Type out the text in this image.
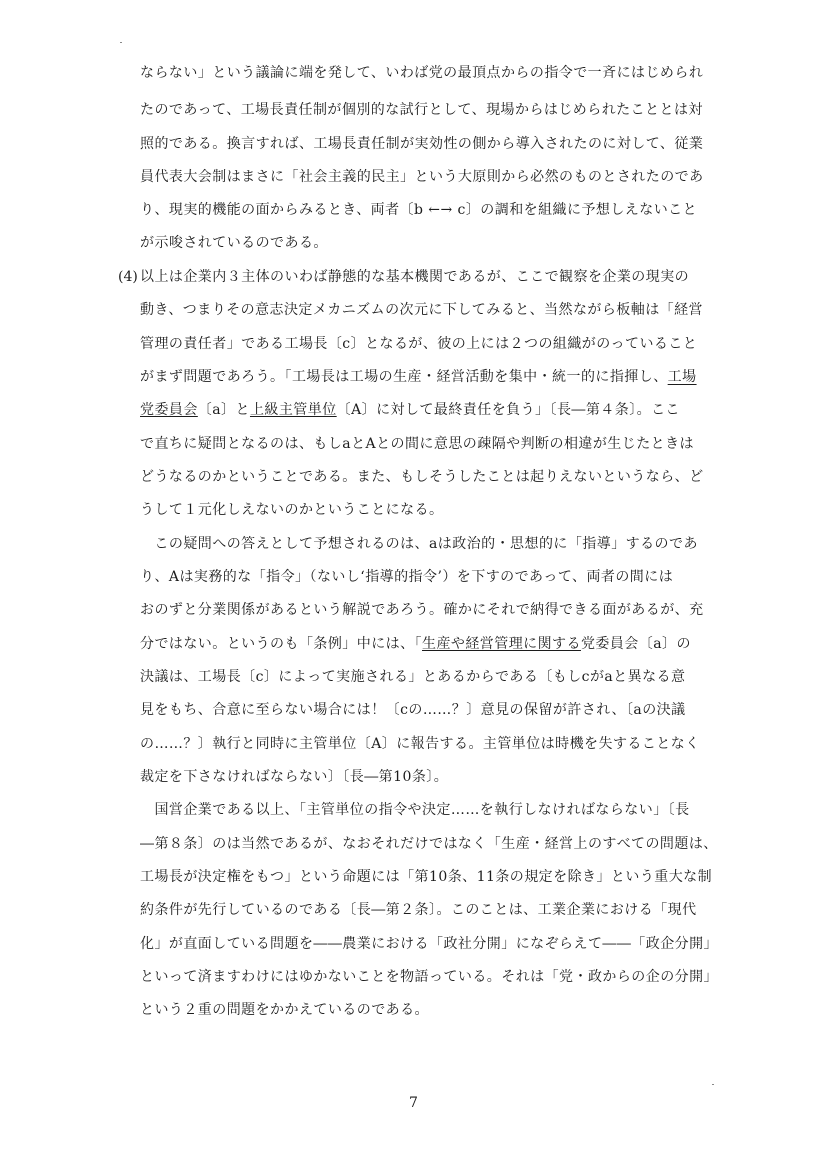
ならない」という議論に端を発して、いわば党の最頂点からの指令で一斉にはじめられ
たのであって、工場長責任制が個別的な試行として、現場からはじめられたこととは対
照的である。換言すれば、工場長責任制が実効性の側から導入されたのに対して、従業
員代表大会制はまさに「社会主義的民主」という大原則から必然のものとされたのであ
り、現実的機能の面からみるとき、両者〔b ←→ c〕の調和を組織に予想しえないこと
が示唆されているのである。
(4) 以上は企業内３主体のいわば静態的な基本機関であるが、ここで観察を企業の現実の
動き、つまりその意志決定メカニズムの次元に下してみると、当然ながら板軸は「経営
管理の責任者」である工場長〔c〕となるが、彼の上には２つの組織がのっていること
がまず問題であろう。「工場長は工場の生産・経営活動を集中・統一的に指揮し、工場
党委員会〔a〕と上級主管単位〔A〕に対して最終責任を負う」〔長―第４条〕。ここ
で直ちに疑問となるのは、もしaとAとの間に意思の疎隔や判断の相違が生じたときは
どうなるのかということである。また、もしそうしたことは起りえないというなら、ど
うして１元化しえないのかということになる。
　この疑問への答えとして予想されるのは、aは政治的・思想的に「指導」するのであ
り、Aは実務的な「指令」（ないし‘指導的指令’）を下すのであって、両者の間には
おのずと分業関係があるという解説であろう。確かにそれで納得できる面があるが、充
分ではない。というのも「条例」中には、「生産や経営管理に関する党委員会〔a〕の
決議は、工場長〔c〕によって実施される」とあるからである〔もしcがaと異なる意
見をもち、合意に至らない場合には！〔cの……？〕意見の保留が許され、〔aの決議
の……？〕執行と同時に主管単位〔A〕に報告する。主管単位は時機を失することなく
裁定を下さなければならない〕〔長―第10条〕。
　国営企業である以上、「主管単位の指令や決定……を執行しなければならない」〔長
―第８条〕のは当然であるが、なおそれだけではなく「生産・経営上のすべての問題は、
工場長が決定権をもつ」という命題には「第10条、11条の規定を除き」という重大な制
約条件が先行しているのである〔長―第２条〕。このことは、工業企業における「現代
化」が直面している問題を――農業における「政社分開」になぞらえて――「政企分開」
といって済ますわけにはゆかないことを物語っている。それは「党・政からの企の分開」
という２重の問題をかかえているのである。
7
